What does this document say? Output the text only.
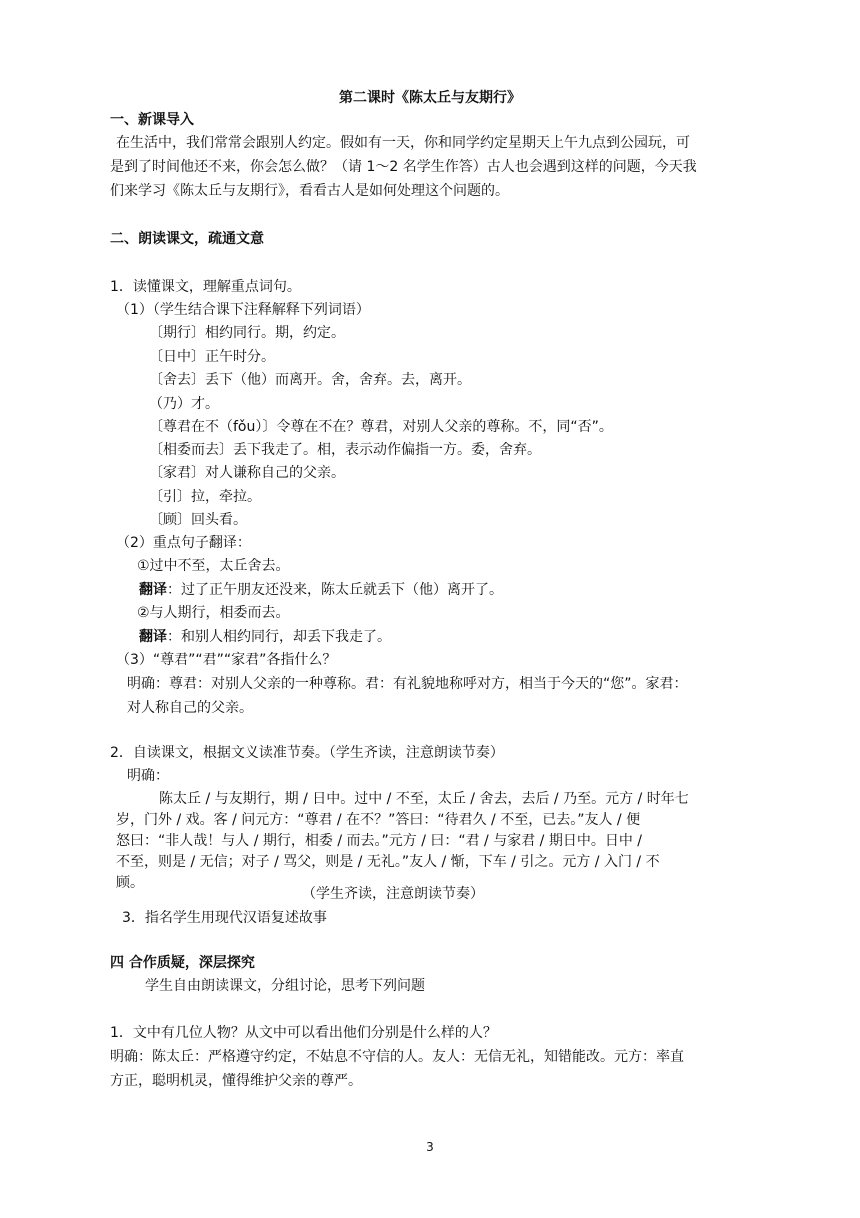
第二课时《陈太丘与友期行》
一、新课导入
在生活中，我们常常会跟别人约定。假如有一天，你和同学约定星期天上午九点到公园玩，可
是到了时间他还不来，你会怎么做？（请 1～2 名学生作答）古人也会遇到这样的问题，今天我
们来学习《陈太丘与友期行》，看看古人是如何处理这个问题的。
二、朗读课文，疏通文意
1．读懂课文，理解重点词句。
（1）（学生结合课下注释解释下列词语）
〔期行〕相约同行。期，约定。
〔日中〕正午时分。
〔舍去〕丢下（他）而离开。舍，舍弃。去，离开。
（乃）才。
〔尊君在不（fǒu）〕令尊在不在？尊君，对别人父亲的尊称。不，同“否”。
〔相委而去〕丢下我走了。相，表示动作偏指一方。委，舍弃。
〔家君〕对人谦称自己的父亲。
〔引〕拉，牵拉。
〔顾〕回头看。
（2）重点句子翻译：
①过中不至，太丘舍去。
翻译：过了正午朋友还没来，陈太丘就丢下（他）离开了。
②与人期行，相委而去。
翻译：和别人相约同行，却丢下我走了。
（3）“尊君”“君”“家君”各指什么？
明确：尊君：对别人父亲的一种尊称。君：有礼貌地称呼对方，相当于今天的“您”。家君：
对人称自己的父亲。
2．自读课文，根据文义读准节奏。（学生齐读，注意朗读节奏）
明确：
陈太丘 / 与友期行，期 / 日中。过中 / 不至，太丘 / 舍去，去后 / 乃至。元方 / 时年七
岁，门外 / 戏。客 / 问元方：“尊君 / 在不？”答曰：“待君久 / 不至，已去。”友人 / 便
怒曰：“非人哉！与人 / 期行，相委 / 而去。”元方 / 曰：“君 / 与家君 / 期日中。日中 /
不至，则是 / 无信；对子 / 骂父，则是 / 无礼。”友人 / 惭，下车 / 引之。元方 / 入门 / 不
顾。
（学生齐读，注意朗读节奏）
3．指名学生用现代汉语复述故事
四 合作质疑，深层探究
学生自由朗读课文，分组讨论，思考下列问题
1．文中有几位人物？从文中可以看出他们分别是什么样的人？
明确：陈太丘：严格遵守约定，不姑息不守信的人。友人：无信无礼，知错能改。元方：率直
方正，聪明机灵，懂得维护父亲的尊严。
3
